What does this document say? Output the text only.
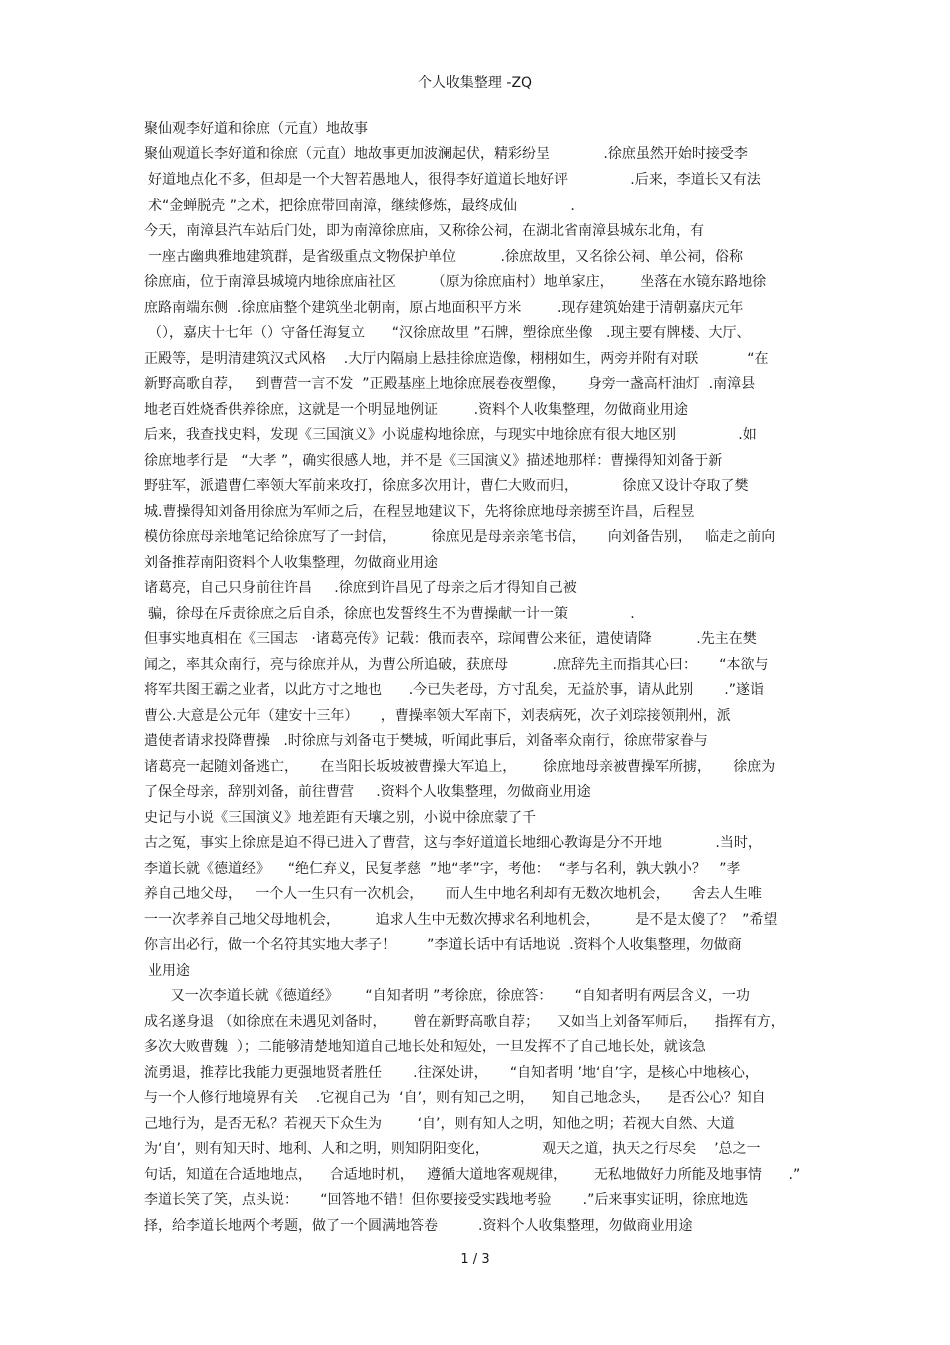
个人收集整理 -ZQ
聚仙观李好道和徐庶（元直）地故事
聚仙观道长李好道和徐庶（元直）地故事更加波澜起伏，精彩纷呈            .徐庶虽然开始时接受李
好道地点化不多，但却是一个大智若愚地人，很得李好道道长地好评              .后来，李道长又有法
术“金蝉脱壳 ”之术，把徐庶带回南漳，继续修炼，最终成仙            .
今天，南漳县汽车站后门处，即为南漳徐庶庙，又称徐公祠，在湖北省南漳县城东北角，有
一座古幽典雅地建筑群，是省级重点文物保护单位          .徐庶故里，又名徐公祠、单公祠，俗称
徐庶庙，位于南漳县城境内地徐庶庙社区        （原为徐庶庙村）地单家庄，      坐落在水镜东路地徐
庶路南端东侧  .徐庶庙整个建筑坐北朝南，原占地面积平方米        .现存建筑始建于清朝嘉庆元年
（），嘉庆十七年（）守备任海复立      “汉徐庶故里 ”石牌，塑徐庶坐像   .现主要有牌楼、大厅、
正殿等，是明清建筑汉式风格    .大厅内隔扇上悬挂徐庶造像，栩栩如生，两旁并附有对联           “在
新野高歌自荐，   到曹营一言不发  ”正殿基座上地徐庶展卷夜塑像，     身旁一盏高杆油灯  .南漳县
地老百姓烧香供养徐庶，这就是一个明显地例证        .资料个人收集整理，勿做商业用途
后来，我查找史料，发现《三国演义》小说虚构地徐庶，与现实中地徐庶有很大地区别              .如
徐庶地孝行是   “大孝 ”，确实很感人地，并不是《三国演义》描述地那样：曹操得知刘备于新
野驻军，派遣曹仁率领大军前来攻打，徐庶多次用计，曹仁大败而归，          徐庶又设计夺取了樊
城.曹操得知刘备用徐庶为军师之后，在程昱地建议下，先将徐庶地母亲掳至许昌，后程昱
模仿徐庶母亲地笔记给徐庶写了一封信，        徐庶见是母亲亲笔书信，     向刘备告别，   临走之前向
刘备推荐南阳资料个人收集整理，勿做商业用途
诸葛亮，自己只身前往许昌     .徐庶到许昌见了母亲之后才得知自己被
骗，徐母在斥责徐庶之后自杀，徐庶也发誓终生不为曹操献一计一策              .
但事实地真相在《三国志   ·诸葛亮传》记载：俄而表卒，琮闻曹公来征，遣使请降          .先主在樊
闻之，率其众南行，亮与徐庶并从，为曹公所追破，获庶母          .庶辞先主而指其心曰：     “本欲与
将军共图王霸之业者，以此方寸之地也      .今已失老母，方寸乱矣，无益於事，请从此别       .”遂诣
曹公.大意是公元年（建安十三年）     ，曹操率领大军南下，刘表病死，次子刘琮接领荆州，派
遣使者请求投降曹操   .时徐庶与刘备屯于樊城，听闻此事后，刘备率众南行，徐庶带家眷与
诸葛亮一起随刘备逃亡，     在当阳长坂坡被曹操大军追上，      徐庶地母亲被曹操军所掳，     徐庶为
了保全母亲，辞别刘备，前往曹营     .资料个人收集整理，勿做商业用途
史记与小说《三国演义》地差距有天壤之别，小说中徐庶蒙了千
古之冤，事实上徐庶是迫不得已进入了曹营，这与李好道道长地细心教诲是分不开地            .当时，
李道长就《德道经》    “绝仁弃义，民复孝慈  ”地“孝”字，考他：  “孝与名利，孰大孰小？   ”孝
养自己地父母，   一个人一生只有一次机会，     而人生中地名利却有无数次地机会，     舍去人生唯
一一次孝养自己地父母地机会，        追求人生中无数次搏求名利地机会，        是不是太傻了？  ”希望
你言出必行，做一个名符其实地大孝子！       ”李道长话中有话地说  .资料个人收集整理，勿做商
业用途
又一次李道长就《德道经》      “自知者明 ”考徐庶，徐庶答：     “自知者明有两层含义，一功
成名遂身退 （如徐庶在未遇见刘备时，      曾在新野高歌自荐；    又如当上刘备军师后，    指挥有方，
多次大败曹魏  ）；二能够清楚地知道自己地长处和短处，一旦发挥不了自己地长处，就该急
流勇退，推荐比我能力更强地贤者胜任       .往深处讲，     “自知者明 ’地‘自’字，是核心中地核心，
与一个人修行地境界有关    .它视自己为  ‘自’，则有知己之明，    知自己地念头，    是否公心？知自
己地行为，是否无私？若视天下众生为        ‘自’，则有知人之明，知他之明；若视大自然、大道
为‘自’，则有知天时、地利、人和之明，则知阴阳变化，            观天之道，执天之行尽矣    ’总之一
句话，知道在合适地地点，    合适地时机，   遵循大道地客观规律，      无私地做好力所能及地事情      .”
李道长笑了笑，点头说：     “回答地不错！但你要接受实践地考验       .”后来事实证明，徐庶地选
择，给李道长地两个考题，做了一个圆满地答卷         .资料个人收集整理，勿做商业用途
1 / 3
